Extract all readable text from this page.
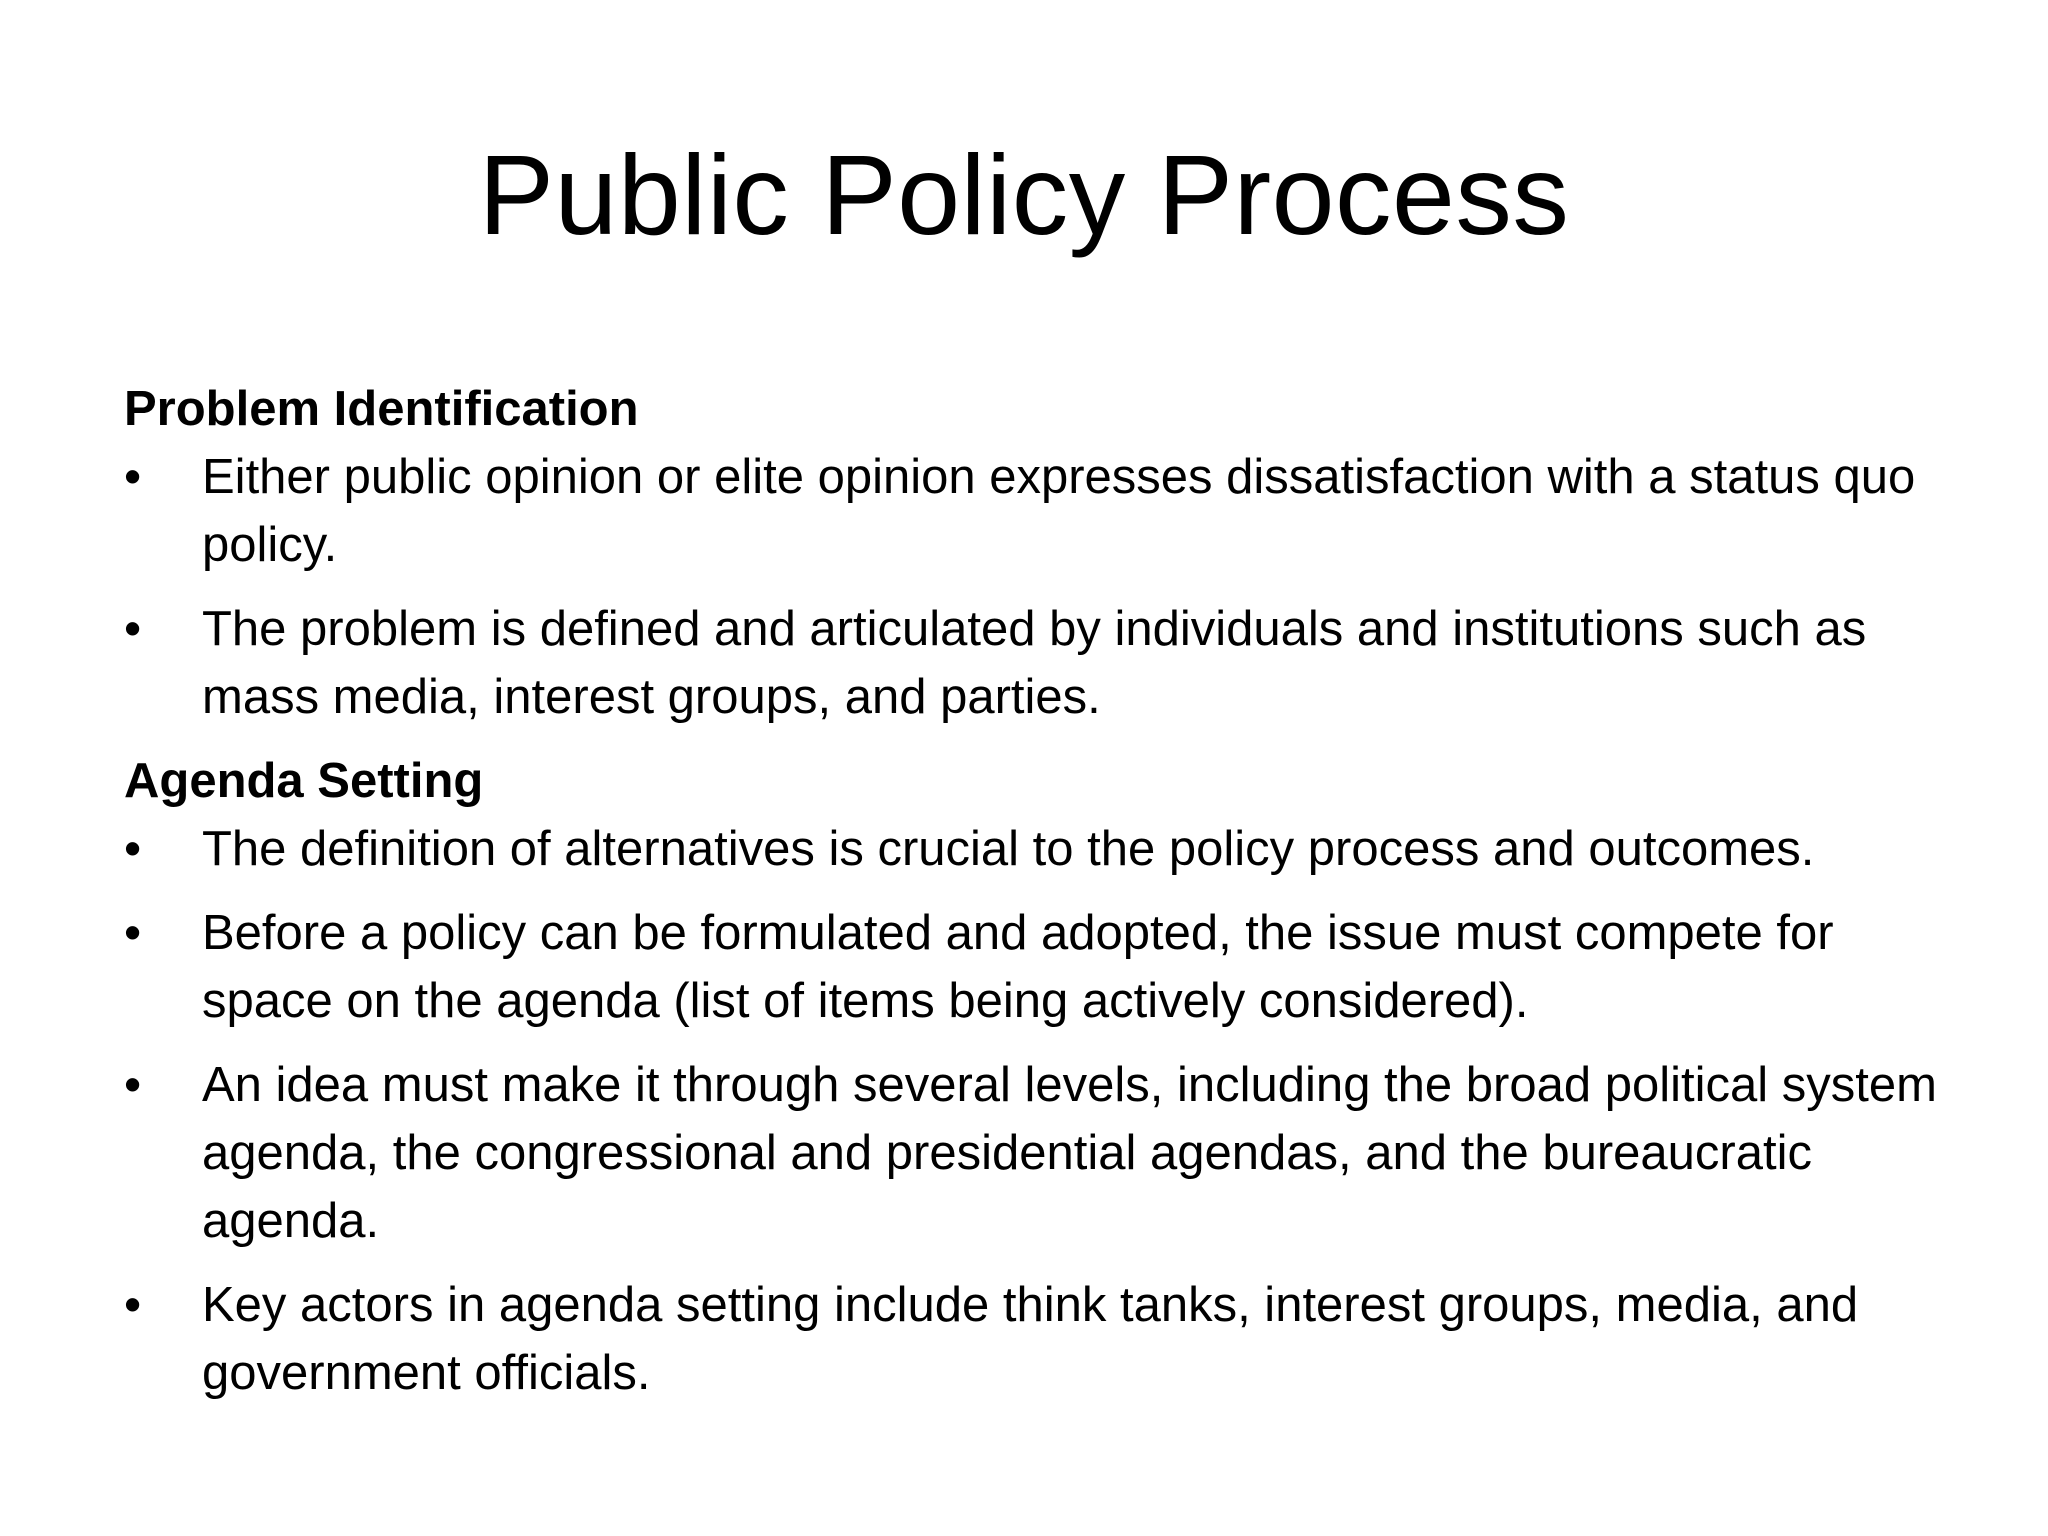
Public Policy Process
Problem Identification
• Either public opinion or elite opinion expresses dissatisfaction with a status quo policy.
• The problem is defined and articulated by individuals and institutions such as mass media, interest groups, and parties.
Agenda Setting
• The definition of alternatives is crucial to the policy process and outcomes.
• Before a policy can be formulated and adopted, the issue must compete for space on the agenda (list of items being actively considered).
• An idea must make it through several levels, including the broad political system agenda, the congressional and presidential agendas, and the bureaucratic agenda.
• Key actors in agenda setting include think tanks, interest groups, media, and government officials.
